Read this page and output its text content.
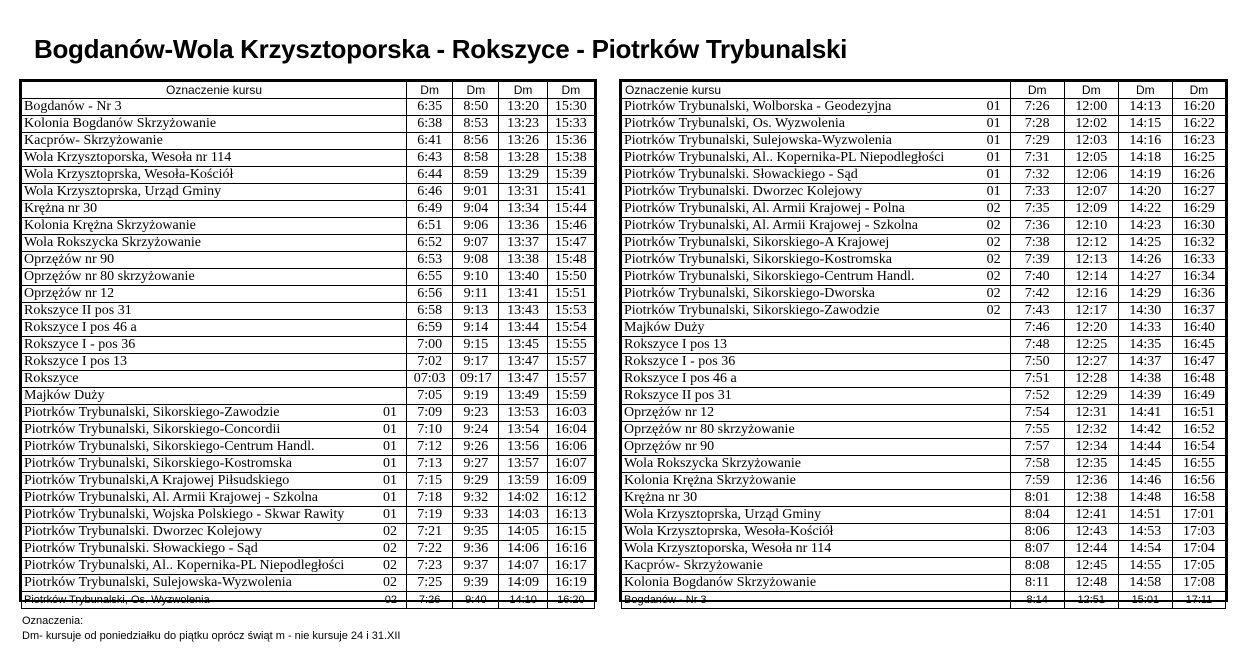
Bogdanów-Wola Krzysztoporska - Rokszyce - Piotrków Trybunalski
Oznaczenie kursu	Dm	Dm	Dm	Dm

Bogdanów - Nr 3	6:35	8:50	13:20	15:30

Kolonia Bogdanów Skrzyżowanie	6:38	8:53	13:23	15:33

Kacprów- Skrzyżowanie	6:41	8:56	13:26	15:36

Wola Krzysztoporska, Wesoła nr 114	6:43	8:58	13:28	15:38

Wola Krzysztoprska, Wesoła-Kościół	6:44	8:59	13:29	15:39

Wola Krzysztoprska, Urząd Gminy	6:46	9:01	13:31	15:41

Krężna nr 30	6:49	9:04	13:34	15:44

Kolonia Krężna Skrzyżowanie	6:51	9:06	13:36	15:46

Wola Rokszycka Skrzyżowanie	6:52	9:07	13:37	15:47

Oprzężów nr 90	6:53	9:08	13:38	15:48

Oprzężów nr 80 skrzyżowanie	6:55	9:10	13:40	15:50

Oprzężów nr 12	6:56	9:11	13:41	15:51

Rokszyce II pos 31	6:58	9:13	13:43	15:53

Rokszyce I pos 46 a	6:59	9:14	13:44	15:54

Rokszyce I - pos 36	7:00	9:15	13:45	15:55

Rokszyce I pos 13	7:02	9:17	13:47	15:57

Rokszyce	07:03	09:17	13:47	15:57

Majków Duży	7:05	9:19	13:49	15:59

Piotrków Trybunalski, Sikorskiego-Zawodzie 01	7:09	9:23	13:53	16:03

Piotrków Trybunalski, Sikorskiego-Concordii 01	7:10	9:24	13:54	16:04

Piotrków Trybunalski, Sikorskiego-Centrum Handl. 01	7:12	9:26	13:56	16:06

Piotrków Trybunalski, Sikorskiego-Kostromska 01	7:13	9:27	13:57	16:07

Piotrków Trybunalski,A Krajowej Piłsudskiego 01	7:15	9:29	13:59	16:09

Piotrków Trybunalski, Al. Armii Krajowej - Szkolna 01	7:18	9:32	14:02	16:12

Piotrków Trybunalski, Wojska Polskiego - Skwar Rawity 01	7:19	9:33	14:03	16:13

Piotrków Trybunalski. Dworzec Kolejowy 02	7:21	9:35	14:05	16:15

Piotrków Trybunalski. Słowackiego - Sąd 02	7:22	9:36	14:06	16:16

Piotrków Trybunalski, Al.. Kopernika-PL Niepodległości 02	7:23	9:37	14:07	16:17

Piotrków Trybunalski, Sulejowska-Wyzwolenia 02	7:25	9:39	14:09	16:19

Piotrków Trybunalski, Os. Wyzwolenia 02	7:26	9:40	14:10	16:20
Oznaczenie kursu	Dm	Dm	Dm	Dm

Piotrków Trybunalski, Wolborska - Geodezyjna 01	7:26	12:00	14:13	16:20

Piotrków Trybunalski, Os. Wyzwolenia 01	7:28	12:02	14:15	16:22

Piotrków Trybunalski, Sulejowska-Wyzwolenia 01	7:29	12:03	14:16	16:23

Piotrków Trybunalski, Al.. Kopernika-PL Niepodległości 01	7:31	12:05	14:18	16:25

Piotrków Trybunalski. Słowackiego - Sąd 01	7:32	12:06	14:19	16:26

Piotrków Trybunalski. Dworzec Kolejowy 01	7:33	12:07	14:20	16:27

Piotrków Trybunalski, Al. Armii Krajowej - Polna 02	7:35	12:09	14:22	16:29

Piotrków Trybunalski, Al. Armii Krajowej - Szkolna 02	7:36	12:10	14:23	16:30

Piotrków Trybunalski, Sikorskiego-A Krajowej 02	7:38	12:12	14:25	16:32

Piotrków Trybunalski, Sikorskiego-Kostromska 02	7:39	12:13	14:26	16:33

Piotrków Trybunalski, Sikorskiego-Centrum Handl. 02	7:40	12:14	14:27	16:34

Piotrków Trybunalski, Sikorskiego-Dworska 02	7:42	12:16	14:29	16:36

Piotrków Trybunalski, Sikorskiego-Zawodzie 02	7:43	12:17	14:30	16:37

Majków Duży	7:46	12:20	14:33	16:40

Rokszyce I pos 13	7:48	12:25	14:35	16:45

Rokszyce I - pos 36	7:50	12:27	14:37	16:47

Rokszyce I pos 46 a	7:51	12:28	14:38	16:48

Rokszyce II pos 31	7:52	12:29	14:39	16:49

Oprzężów nr 12	7:54	12:31	14:41	16:51

Oprzężów nr 80 skrzyżowanie	7:55	12:32	14:42	16:52

Oprzężów nr 90	7:57	12:34	14:44	16:54

Wola Rokszycka Skrzyżowanie	7:58	12:35	14:45	16:55

Kolonia Krężna Skrzyżowanie	7:59	12:36	14:46	16:56

Krężna nr 30	8:01	12:38	14:48	16:58

Wola Krzysztoprska, Urząd Gminy	8:04	12:41	14:51	17:01

Wola Krzysztoprska, Wesoła-Kościół	8:06	12:43	14:53	17:03

Wola Krzysztoporska, Wesoła nr 114	8:07	12:44	14:54	17:04

Kacprów- Skrzyżowanie	8:08	12:45	14:55	17:05

Kolonia Bogdanów Skrzyżowanie	8:11	12:48	14:58	17:08

Bogdanów - Nr 3	8:14	12:51	15:01	17:11
Oznaczenia:
Dm- kursuje od poniedziałku do piątku oprócz świąt m - nie kursuje 24 i 31.XII
